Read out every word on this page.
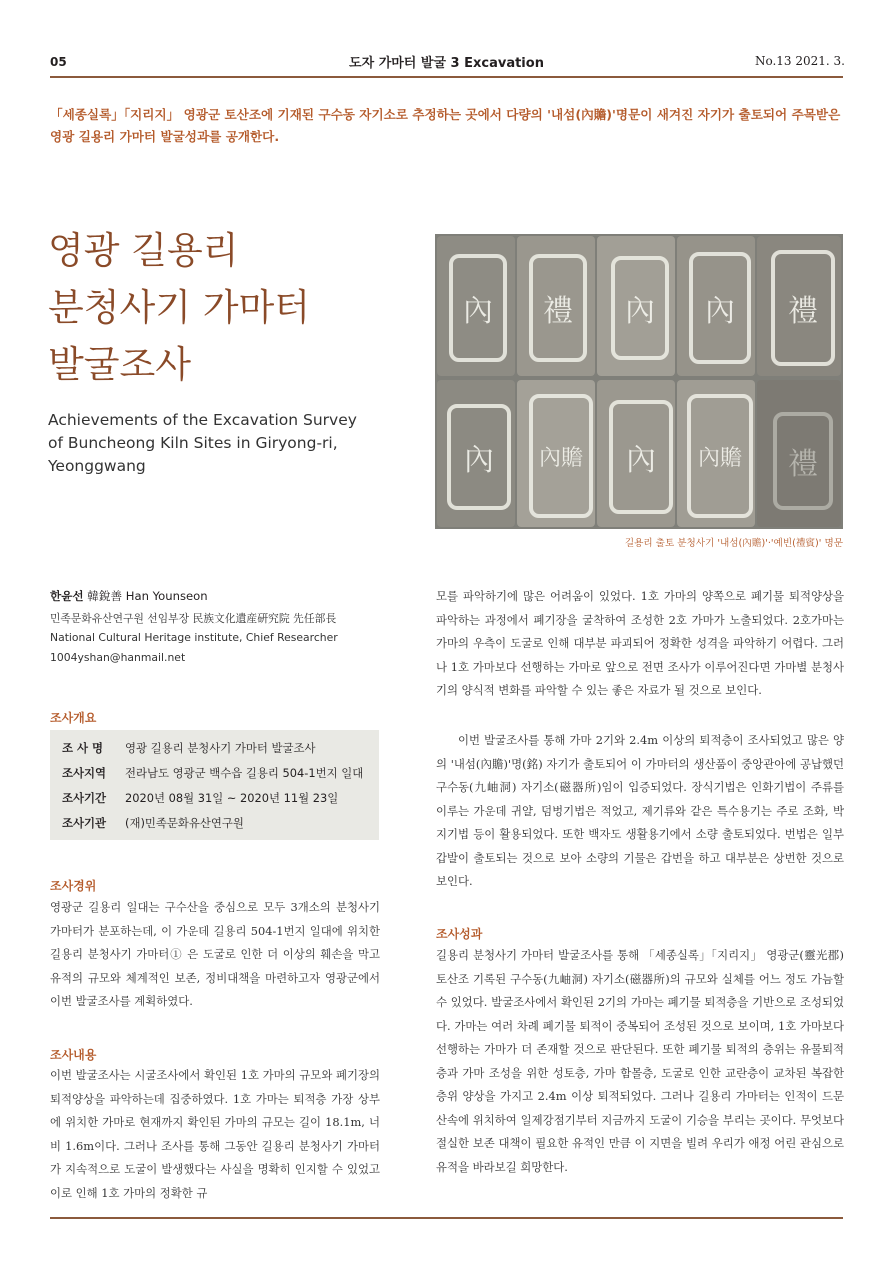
05	도자 가마터 발굴 3 Excavation	No.13 2021. 3.
「세종실록」「지리지」 영광군 토산조에 기재된 구수동 자기소로 추정하는 곳에서 다량의 '내섬(內贍)'명문이 새겨진 자기가 출토되어 주목받은 영광 길용리 가마터 발굴성과를 공개한다.
영광 길용리
분청사기 가마터
발굴조사
Achievements of the Excavation Survey
of Buncheong Kiln Sites in Giryong-ri,
Yeonggwang
內	禮	內	內	禮
內	內贍	內	內贍	禮
길용리 출토 분청사기 '내섬(內贍)'·'예빈(禮賓)' 명문
한윤선 韓銳善 Han Younseon
민족문화유산연구원 선임부장 民族文化遺産硏究院 先任部長
National Cultural Heritage institute, Chief Researcher
1004yshan@hanmail.net
조사개요
조 사 명 영광 길용리 분청사기 가마터 발굴조사
조사지역 전라남도 영광군 백수읍 길용리 504-1번지 일대
조사기간 2020년 08월 31일 ~ 2020년 11월 23일
조사기관 (재)민족문화유산연구원
조사경위
영광군 길용리 일대는 구수산을 중심으로 모두 3개소의 분청사기 가마터가 분포하는데, 이 가운데 길용리 504-1번지 일대에 위치한 길용리 분청사기 가마터① 은 도굴로 인한 더 이상의 훼손을 막고 유적의 규모와 체계적인 보존, 정비대책을 마련하고자 영광군에서 이번 발굴조사를 계획하였다.
조사내용
이번 발굴조사는 시굴조사에서 확인된 1호 가마의 규모와 폐기장의 퇴적양상을 파악하는데 집중하였다. 1호 가마는 퇴적층 가장 상부에 위치한 가마로 현재까지 확인된 가마의 규모는 길이 18.1m, 너비 1.6m이다. 그러나 조사를 통해 그동안 길용리 분청사기 가마터가 지속적으로 도굴이 발생했다는 사실을 명확히 인지할 수 있었고 이로 인해 1호 가마의 정확한 규
모를 파악하기에 많은 어려움이 있었다. 1호 가마의 양쪽으로 폐기물 퇴적양상을 파악하는 과정에서 폐기장을 굴착하여 조성한 2호 가마가 노출되었다. 2호가마는 가마의 우측이 도굴로 인해 대부분 파괴되어 정확한 성격을 파악하기 어렵다. 그러나 1호 가마보다 선행하는 가마로 앞으로 전면 조사가 이루어진다면 가마별 분청사기의 양식적 변화를 파악할 수 있는 좋은 자료가 될 것으로 보인다.
이번 발굴조사를 통해 가마 2기와 2.4m 이상의 퇴적층이 조사되었고 많은 양의 '내섬(內贍)'명(銘) 자기가 출토되어 이 가마터의 생산품이 중앙관아에 공납했던 구수동(九岫洞) 자기소(磁器所)임이 입증되었다. 장식기법은 인화기법이 주류를 이루는 가운데 귀얄, 덤벙기법은 적었고, 제기류와 같은 특수용기는 주로 조화, 박지기법 등이 활용되었다. 또한 백자도 생활용기에서 소량 출토되었다. 번법은 일부 갑발이 출토되는 것으로 보아 소량의 기물은 갑번을 하고 대부분은 상번한 것으로 보인다.
조사성과
길용리 분청사기 가마터 발굴조사를 통해 「세종실록」「지리지」 영광군(靈光郡) 토산조 기록된 구수동(九岫洞) 자기소(磁器所)의 규모와 실체를 어느 정도 가늠할 수 있었다. 발굴조사에서 확인된 2기의 가마는 폐기물 퇴적층을 기반으로 조성되었다. 가마는 여러 차례 폐기물 퇴적이 중복되어 조성된 것으로 보이며, 1호 가마보다 선행하는 가마가 더 존재할 것으로 판단된다. 또한 폐기물 퇴적의 층위는 유물퇴적층과 가마 조성을 위한 성토층, 가마 함몰층, 도굴로 인한 교란층이 교차된 복잡한 층위 양상을 가지고 2.4m 이상 퇴적되었다. 그러나 길용리 가마터는 인적이 드문 산속에 위치하여 일제강점기부터 지금까지 도굴이 기승을 부리는 곳이다. 무엇보다 절실한 보존 대책이 필요한 유적인 만큼 이 지면을 빌려 우리가 애정 어린 관심으로 유적을 바라보길 희망한다.
